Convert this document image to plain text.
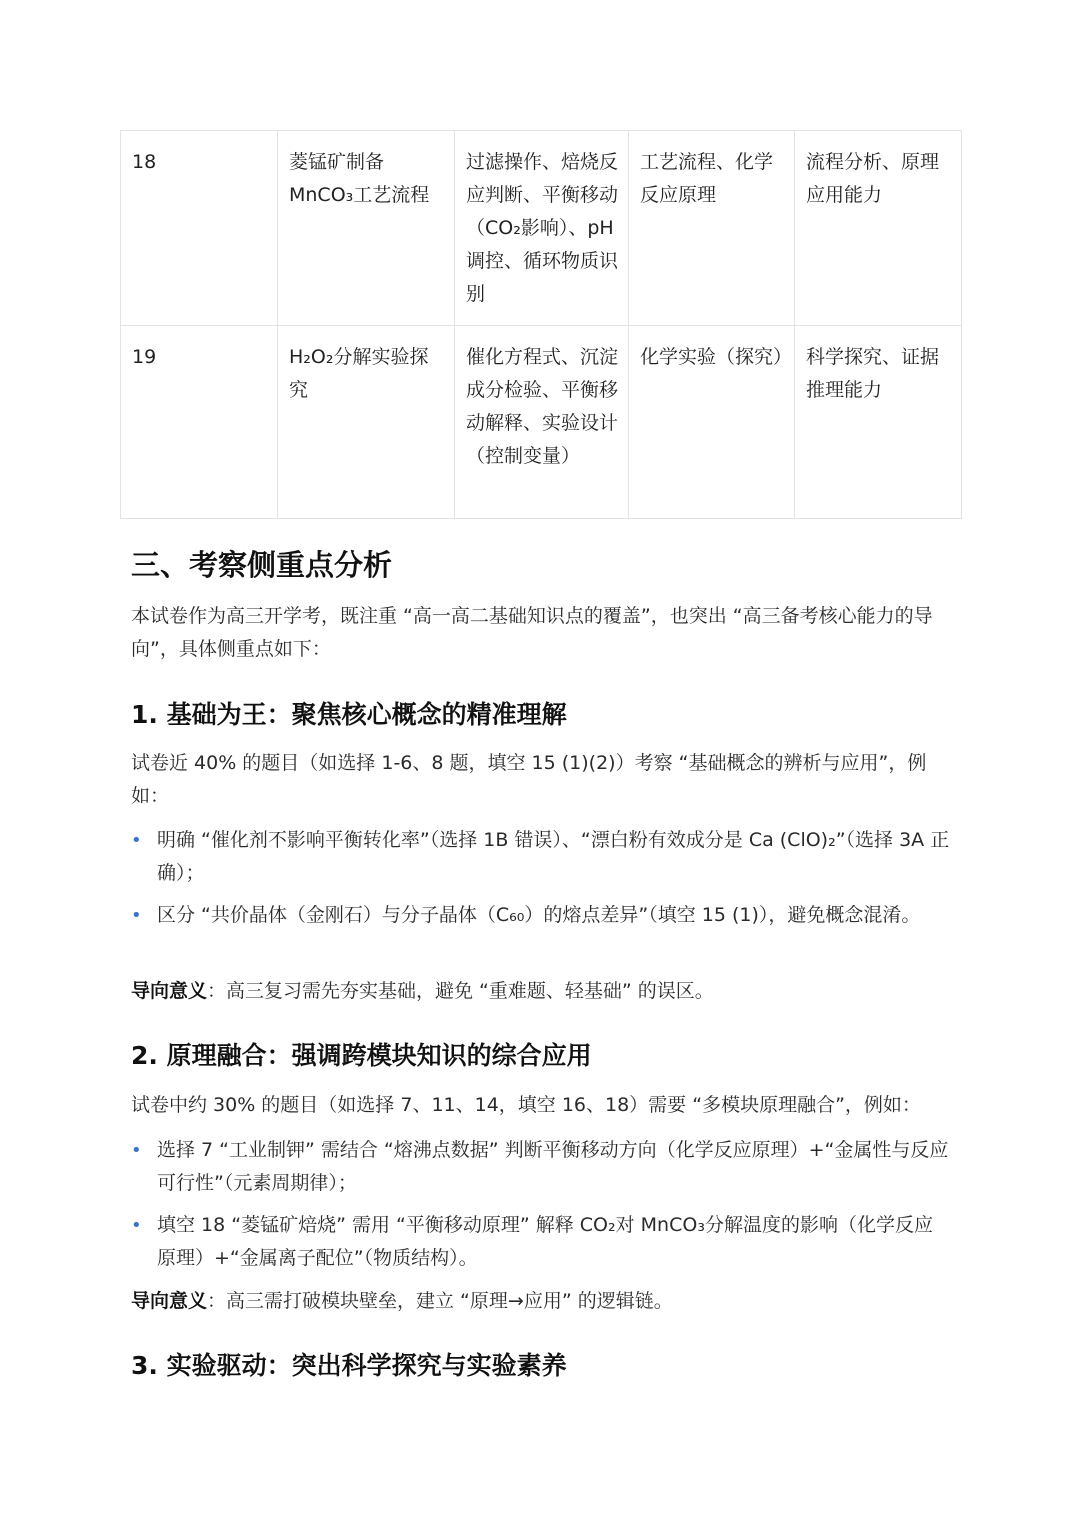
18	菱锰矿制备MnCO₃工艺流程	过滤操作、焙烧反应判断、平衡移动（CO₂影响）、pH 调控、循环物质识别	工艺流程、化学反应原理	流程分析、原理应用能力
19	H₂O₂分解实验探究	催化方程式、沉淀成分检验、平衡移动解释、实验设计（控制变量）	化学实验（探究）	科学探究、证据推理能力
三、考察侧重点分析

本试卷作为高三开学考，既注重 “高一高二基础知识点的覆盖”，也突出 “高三备考核心能力的导向”，具体侧重点如下：

1. 基础为王：聚焦核心概念的精准理解

试卷近 40% 的题目（如选择 1-6、8 题，填空 15 (1)(2)）考察 “基础概念的辨析与应用”，例如：

• 明确 “催化剂不影响平衡转化率”（选择 1B 错误）、“漂白粉有效成分是 Ca (ClO)₂”（选择 3A 正确）；
• 区分 “共价晶体（金刚石）与分子晶体（C₆₀）的熔点差异”（填空 15 (1)），避免概念混淆。

导向意义：高三复习需先夯实基础，避免 “重难题、轻基础” 的误区。

2. 原理融合：强调跨模块知识的综合应用

试卷中约 30% 的题目（如选择 7、11、14，填空 16、18）需要 “多模块原理融合”，例如：

• 选择 7 “工业制钾” 需结合 “熔沸点数据” 判断平衡移动方向（化学反应原理）+“金属性与反应可行性”（元素周期律）；
• 填空 18 “菱锰矿焙烧” 需用 “平衡移动原理” 解释 CO₂对 MnCO₃分解温度的影响（化学反应原理）+“金属离子配位”（物质结构）。

导向意义：高三需打破模块壁垒，建立 “原理→应用” 的逻辑链。

3. 实验驱动：突出科学探究与实验素养
